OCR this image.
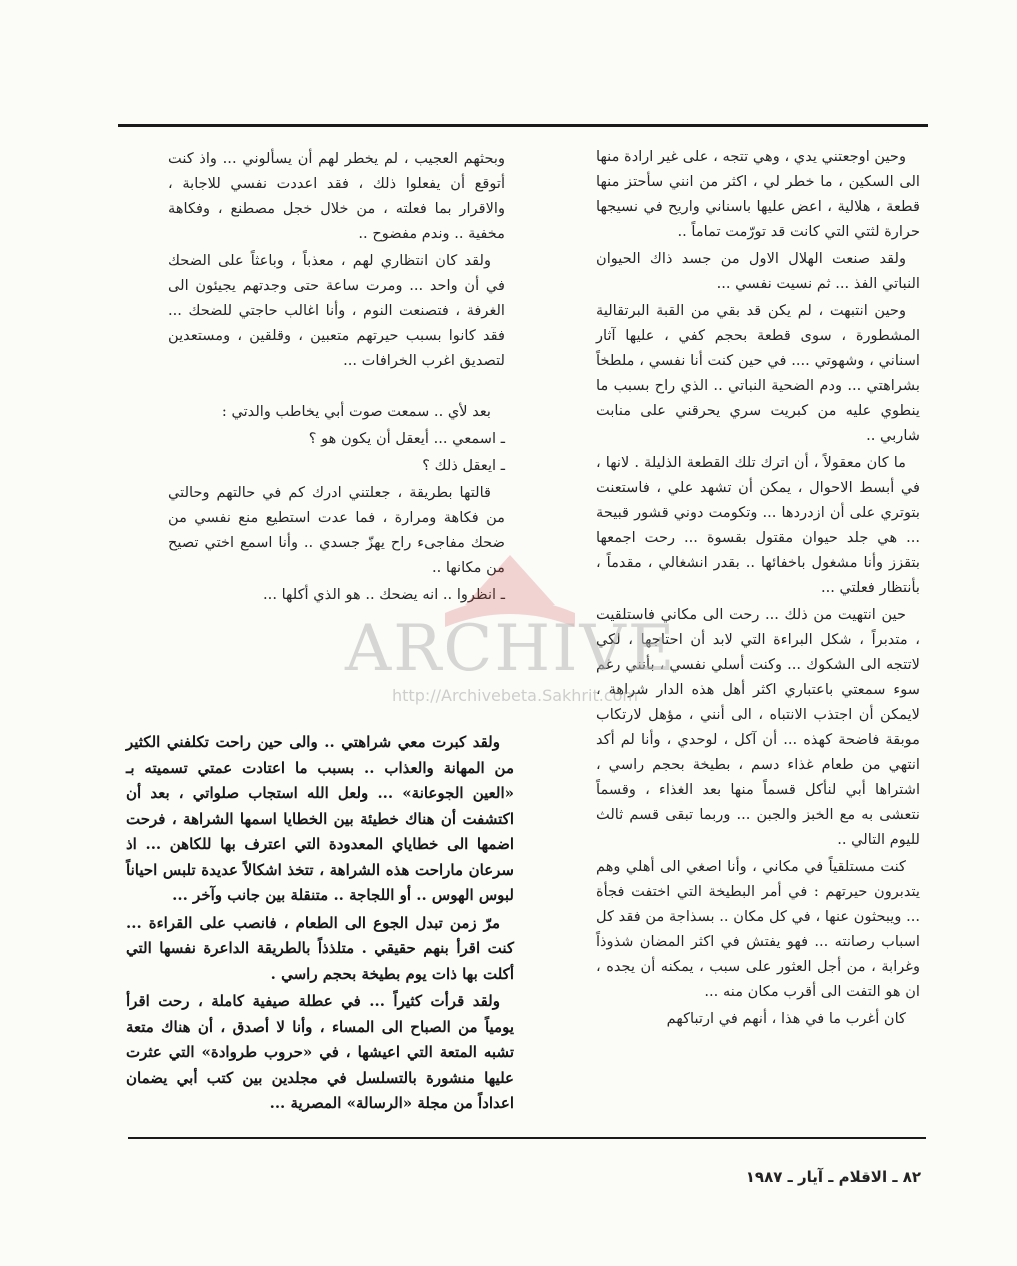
وحين اوجعتني يدي ، وهي تتجه ، على غير ارادة منها الى السكين ، ما خطر لي ، اكثر من انني سأحتز منها قطعة ، هلالية ، اعض عليها باسناني واريح في نسيجها حرارة لثتي التي كانت قد تورّمت تماماً ..

ولقد صنعت الهلال الاول من جسد ذاك الحيوان النباتي الفذ ... ثم نسيت نفسي ...

وحين انتبهت ، لم يكن قد بقي من القبة البرتقالية المشطورة ، سوى قطعة بحجم كفي ، عليها آثار اسناني ، وشهوتي .... في حين كنت أنا نفسي ، ملطخاً بشراهتي ... ودم الضحية النباتي .. الذي راح بسبب ما ينطوي عليه من كبريت سري يحرقني على منابت شاربي ..

ما كان معقولاً ، أن اترك تلك القطعة الذليلة . لانها ، في أبسط الاحوال ، يمكن أن تشهد علي ، فاستعنت بتوتري على أن ازدردها ... وتكومت دوني قشور قبيحة ... هي جلد حيوان مقتول بقسوة ... رحت اجمعها بتقزز وأنا مشغول باخفائها .. بقدر انشغالي ، مقدماً ، بأنتظار فعلتي ...

حين انتهيت من ذلك ... رحت الى مكاني فاستلقيت ، متدبراً ، شكل البراءة التي لابد أن احتاجها ، لكي لاتتجه الى الشكوك ... وكنت أسلي نفسي ، بأنني رغم سوء سمعتي باعتباري اكثر أهل هذه الدار شراهة ، لايمكن أن اجتذب الانتباه ، الى أنني ، مؤهل لارتكاب موبقة فاضحة كهذه ... أن آكل ، لوحدي ، وأنا لم أكد انتهي من طعام غذاء دسم ، بطيخة بحجم راسي ، اشتراها أبي لنأكل قسماً منها بعد الغذاء ، وقسماً نتعشى به مع الخبز والجبن ... وربما تبقى قسم ثالث لليوم التالي ..

كنت مستلقياً في مكاني ، وأنا اصغي الى أهلي وهم يتدبرون حيرتهم : في أمر البطيخة التي اختفت فجأة ... ويبحثون عنها ، في كل مكان .. بسذاجة من فقد كل اسباب رصانته ... فهو يفتش في اكثر المضان شذوذاً وغرابة ، من أجل العثور على سبب ، يمكنه أن يجده ، ان هو التفت الى أقرب مكان منه ...

كان أغرب ما في هذا ، أنهم في ارتباكهم

وبحثهم العجيب ، لم يخطر لهم أن يسألوني ... واذ كنت أتوقع أن يفعلوا ذلك ، فقد اعددت نفسي للاجابة ، والاقرار بما فعلته ، من خلال خجل مصطنع ، وفكاهة مخفية .. وندم مفضوح ..

ولقد كان انتظاري لهم ، معذباً ، وباعثاً على الضحك في أن واحد ... ومرت ساعة حتى وجدتهم يجيئون الى الغرفة ، فتصنعت النوم ، وأنا اغالب حاجتي للضحك ... فقد كانوا بسبب حيرتهم متعبين ، وقلقين ، ومستعدين لتصديق اغرب الخرافات ...

بعد لأي .. سمعت صوت أبي يخاطب والدتي :

ـ اسمعي ... أيعقل أن يكون هو ؟

ـ ايعقل ذلك ؟

قالتها بطريقة ، جعلتني ادرك كم في حالتهم وحالتي من فكاهة ومرارة ، فما عدت استطيع منع نفسي من ضحك مفاجىء راح يهزّ جسدي .. وأنا اسمع اختي تصيح من مكانها ..

ـ انظروا .. انه يضحك .. هو الذي أكلها ...

ولقد كبرت معي شراهتي .. والى حين راحت تكلفني الكثير من المهانة والعذاب .. بسبب ما اعتادت عمتي تسميته بـ «العين الجوعانة» ... ولعل الله استجاب صلواتي ، بعد أن اكتشفت أن هناك خطيئة بين الخطايا اسمها الشراهة ، فرحت اضمها الى خطاياي المعدودة التي اعترف بها للكاهن ... اذ سرعان ماراحت هذه الشراهة ، تتخذ اشكالاً عديدة تلبس احياناً لبوس الهوس .. أو اللجاجة .. متنقلة بين جانب وآخر ...

مرّ زمن تبدل الجوع الى الطعام ، فانصب على القراءة ... كنت اقرأ بنهم حقيقي . متلذذاً بالطريقة الداعرة نفسها التي أكلت بها ذات يوم بطيخة بحجم راسي .

ولقد قرأت كثيراً ... في عطلة صيفية كاملة ، رحت اقرأ يومياً من الصباح الى المساء ، وأنا لا أصدق ، أن هناك متعة تشبه المتعة التي اعيشها ، في «حروب طروادة» التي عثرت عليها منشورة بالتسلسل في مجلدين بين كتب أبي يضمان اعداداً من مجلة «الرسالة» المصرية ...

ARCHIVE
http://Archivebeta.Sakhrit.com
٨٢ ـ الاقلام ـ آيار ـ ١٩٨٧
